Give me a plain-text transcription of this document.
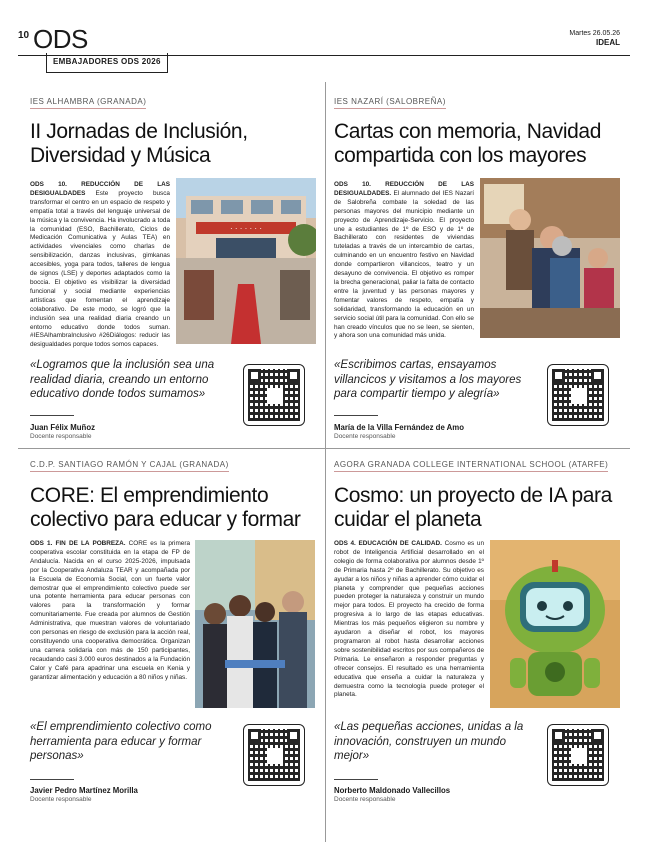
10 ODS	Martes 26.05.26
IDEAL
EMBAJADORES ODS 2026
IES ALHAMBRA (GRANADA)
II Jornadas de Inclusión, Diversidad y Música
ODS 10. REDUCCIÓN DE LAS DESIGUALDADES Este proyecto busca transformar el centro en un espacio de respeto y empatía total a través del lenguaje universal de la música y la convivencia. Ha involucrado a toda la comunidad (ESO, Bachillerato, Ciclos de Medicación Comunicativa y Aulas TEA) en actividades vivenciales como charlas de sensibilización, danzas inclusivas, gimkanas accesibles, yoga para todos, talleres de lengua de signos (LSE) y deportes adaptados como la boccia. El objetivo es visibilizar la diversidad funcional y social mediante experiencias artísticas que fomentan el aprendizaje colaborativo. De este modo, se logró que la inclusión sea una realidad diaria creando un entorno educativo donde todos suman. #IESAlhambraInclusivo #26Diálogos: reducir las desigualdades porque todos somos capaces.
· · · · · · ·
«Logramos que la inclusión sea una realidad diaria, creando un entorno educativo donde todos sumamos»
Juan Félix Muñoz
Docente responsable
IES NAZARÍ (SALOBREÑA)
Cartas con memoria, Navidad compartida con los mayores
ODS 10. REDUCCIÓN DE LAS DESIGUALDADES. El alumnado del IES Nazarí de Salobreña combate la soledad de las personas mayores del municipio mediante un proyecto de Aprendizaje-Servicio. El proyecto une a estudiantes de 1º de ESO y de 1º de Bachillerato con residentes de viviendas tuteladas a través de un intercambio de cartas, culminando en un encuentro festivo en Navidad donde compartieron villancicos, teatro y un desayuno de convivencia. El objetivo es romper la brecha generacional, paliar la falta de contacto entre la juventud y las personas mayores y fomentar valores de respeto, empatía y solidaridad, transformando la educación en un servicio social útil para la comunidad. Con ello se han creado vínculos que no se leen, se sienten, y ahora son una comunidad más unida.
«Escribimos cartas, ensayamos villancicos y visitamos a los mayores para compartir tiempo y alegría»
María de la Villa Fernández de Amo
Docente responsable
C.D.P. SANTIAGO RAMÓN Y CAJAL (GRANADA)
CORE: El emprendimiento colectivo para educar y formar
ODS 1. FIN DE LA POBREZA. CORE es la primera cooperativa escolar constituida en la etapa de FP de Andalucía. Nacida en el curso 2025-2026, impulsada por la Cooperativa Andaluza TEAR y acompañada por la Escuela de Economía Social, con un fuerte valor demostrar que el emprendimiento colectivo puede ser una potente herramienta para educar personas con valores para la transformación y formar comunitariamente. Fue creada por alumnos de Gestión Administrativa, que muestran valores de voluntariado con personas en riesgo de exclusión para la acción real, constituyendo una cooperativa democrática. Organizan una carrera solidaria con más de 150 participantes, recaudando casi 3.000 euros destinados a la Fundación Calor y Café para apadrinar una escuela en Kenia y garantizar alimentación y educación a 80 niños y niñas.
«El emprendimiento colectivo como herramienta para educar y formar personas»
Javier Pedro Martínez Morilla
Docente responsable
AGORA GRANADA COLLEGE INTERNATIONAL SCHOOL (ATARFE)
Cosmo: un proyecto de IA para cuidar el planeta
ODS 4. EDUCACIÓN DE CALIDAD. Cosmo es un robot de Inteligencia Artificial desarrollado en el colegio de forma colaborativa por alumnos desde 1º de Primaria hasta 2º de Bachillerato. Su objetivo es ayudar a los niños y niñas a aprender cómo cuidar el planeta y comprender que pequeñas acciones pueden proteger la naturaleza y construir un mundo mejor para todos. El proyecto ha crecido de forma progresiva a lo largo de las etapas educativas. Mientras los más pequeños eligieron su nombre y ayudaron a diseñar el robot, los mayores programaron al robot hasta desarrollar acciones sobre sostenibilidad escritos por sus compañeros de Primaria. Le enseñaron a responder preguntas y ofrecer consejos. El resultado es una herramienta educativa que enseña a cuidar la naturaleza y demuestra como la tecnología puede proteger el planeta.
«Las pequeñas acciones, unidas a la innovación, construyen un mundo mejor»
Norberto Maldonado Vallecillos
Docente responsable
